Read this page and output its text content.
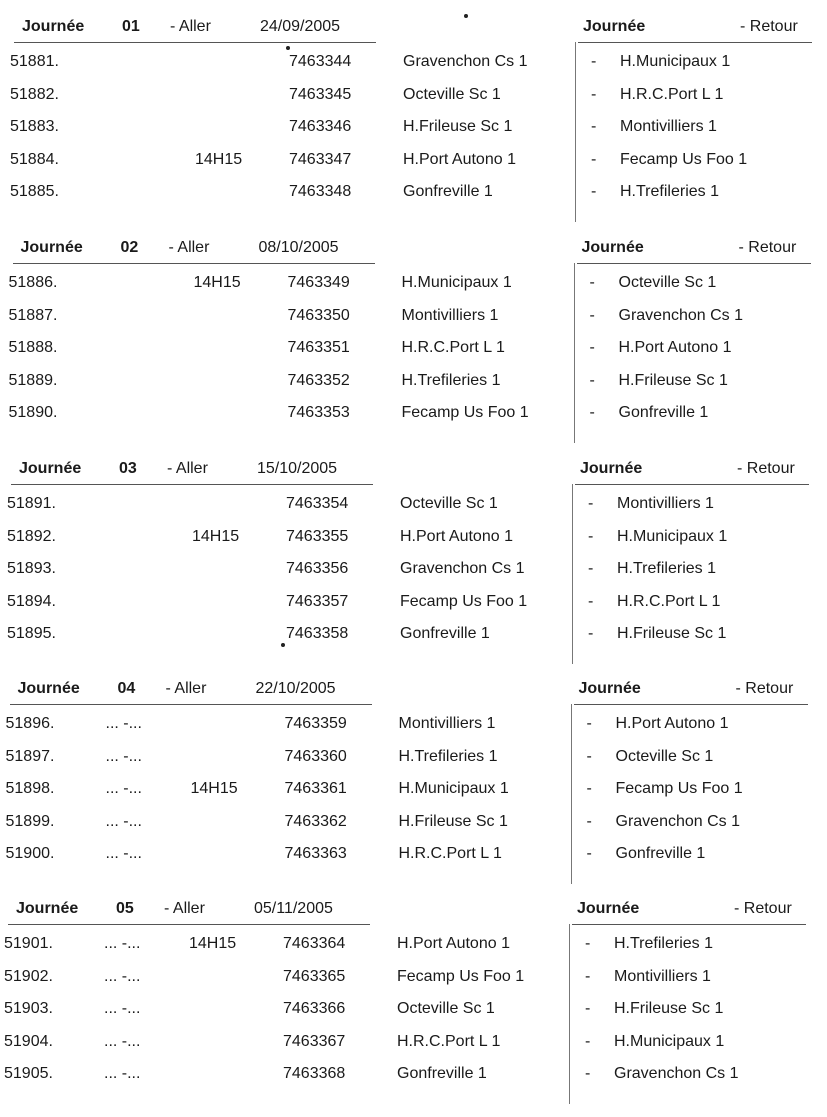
Journée 01 - Aller	24/09/2005	Journée	- Retour
51881.	7463344	Gravenchon Cs 1	- H.Municipaux 1
51882.	7463345	Octeville Sc 1	- H.R.C.Port L 1
51883.	7463346	H.Frileuse Sc 1	- Montivilliers 1
51884.	14H15	7463347	H.Port Autono 1	- Fecamp Us Foo 1
51885.	7463348	Gonfreville 1	- H.Trefileries 1
Journée 02 - Aller	08/10/2005	Journée	- Retour
51886.	14H15	7463349	H.Municipaux 1	- Octeville Sc 1
51887.	7463350	Montivilliers 1	- Gravenchon Cs 1
51888.	7463351	H.R.C.Port L 1	- H.Port Autono 1
51889.	7463352	H.Trefileries 1	- H.Frileuse Sc 1
51890.	7463353	Fecamp Us Foo 1	- Gonfreville 1
Journée 03 - Aller	15/10/2005	Journée	- Retour
51891.	7463354	Octeville Sc 1	- Montivilliers 1
51892.	14H15	7463355	H.Port Autono 1	- H.Municipaux 1
51893.	7463356	Gravenchon Cs 1	- H.Trefileries 1
51894.	7463357	Fecamp Us Foo 1	- H.R.C.Port L 1
51895.	7463358	Gonfreville 1	- H.Frileuse Sc 1
Journée 04 - Aller	22/10/2005	Journée	- Retour
51896.	... -...	7463359	Montivilliers 1	- H.Port Autono 1
51897.	... -...	7463360	H.Trefileries 1	- Octeville Sc 1
51898.	... -...	14H15	7463361	H.Municipaux 1	- Fecamp Us Foo 1
51899.	... -...	7463362	H.Frileuse Sc 1	- Gravenchon Cs 1
51900.	... -...	7463363	H.R.C.Port L 1	- Gonfreville 1
Journée 05 - Aller	05/11/2005	Journée	- Retour
51901.	... -...	14H15	7463364	H.Port Autono 1	- H.Trefileries 1
51902.	... -...	7463365	Fecamp Us Foo 1	- Montivilliers 1
51903.	... -...	7463366	Octeville Sc 1	- H.Frileuse Sc 1
51904.	... -...	7463367	H.R.C.Port L 1	- H.Municipaux 1
51905.	... -...	7463368	Gonfreville 1	- Gravenchon Cs 1
